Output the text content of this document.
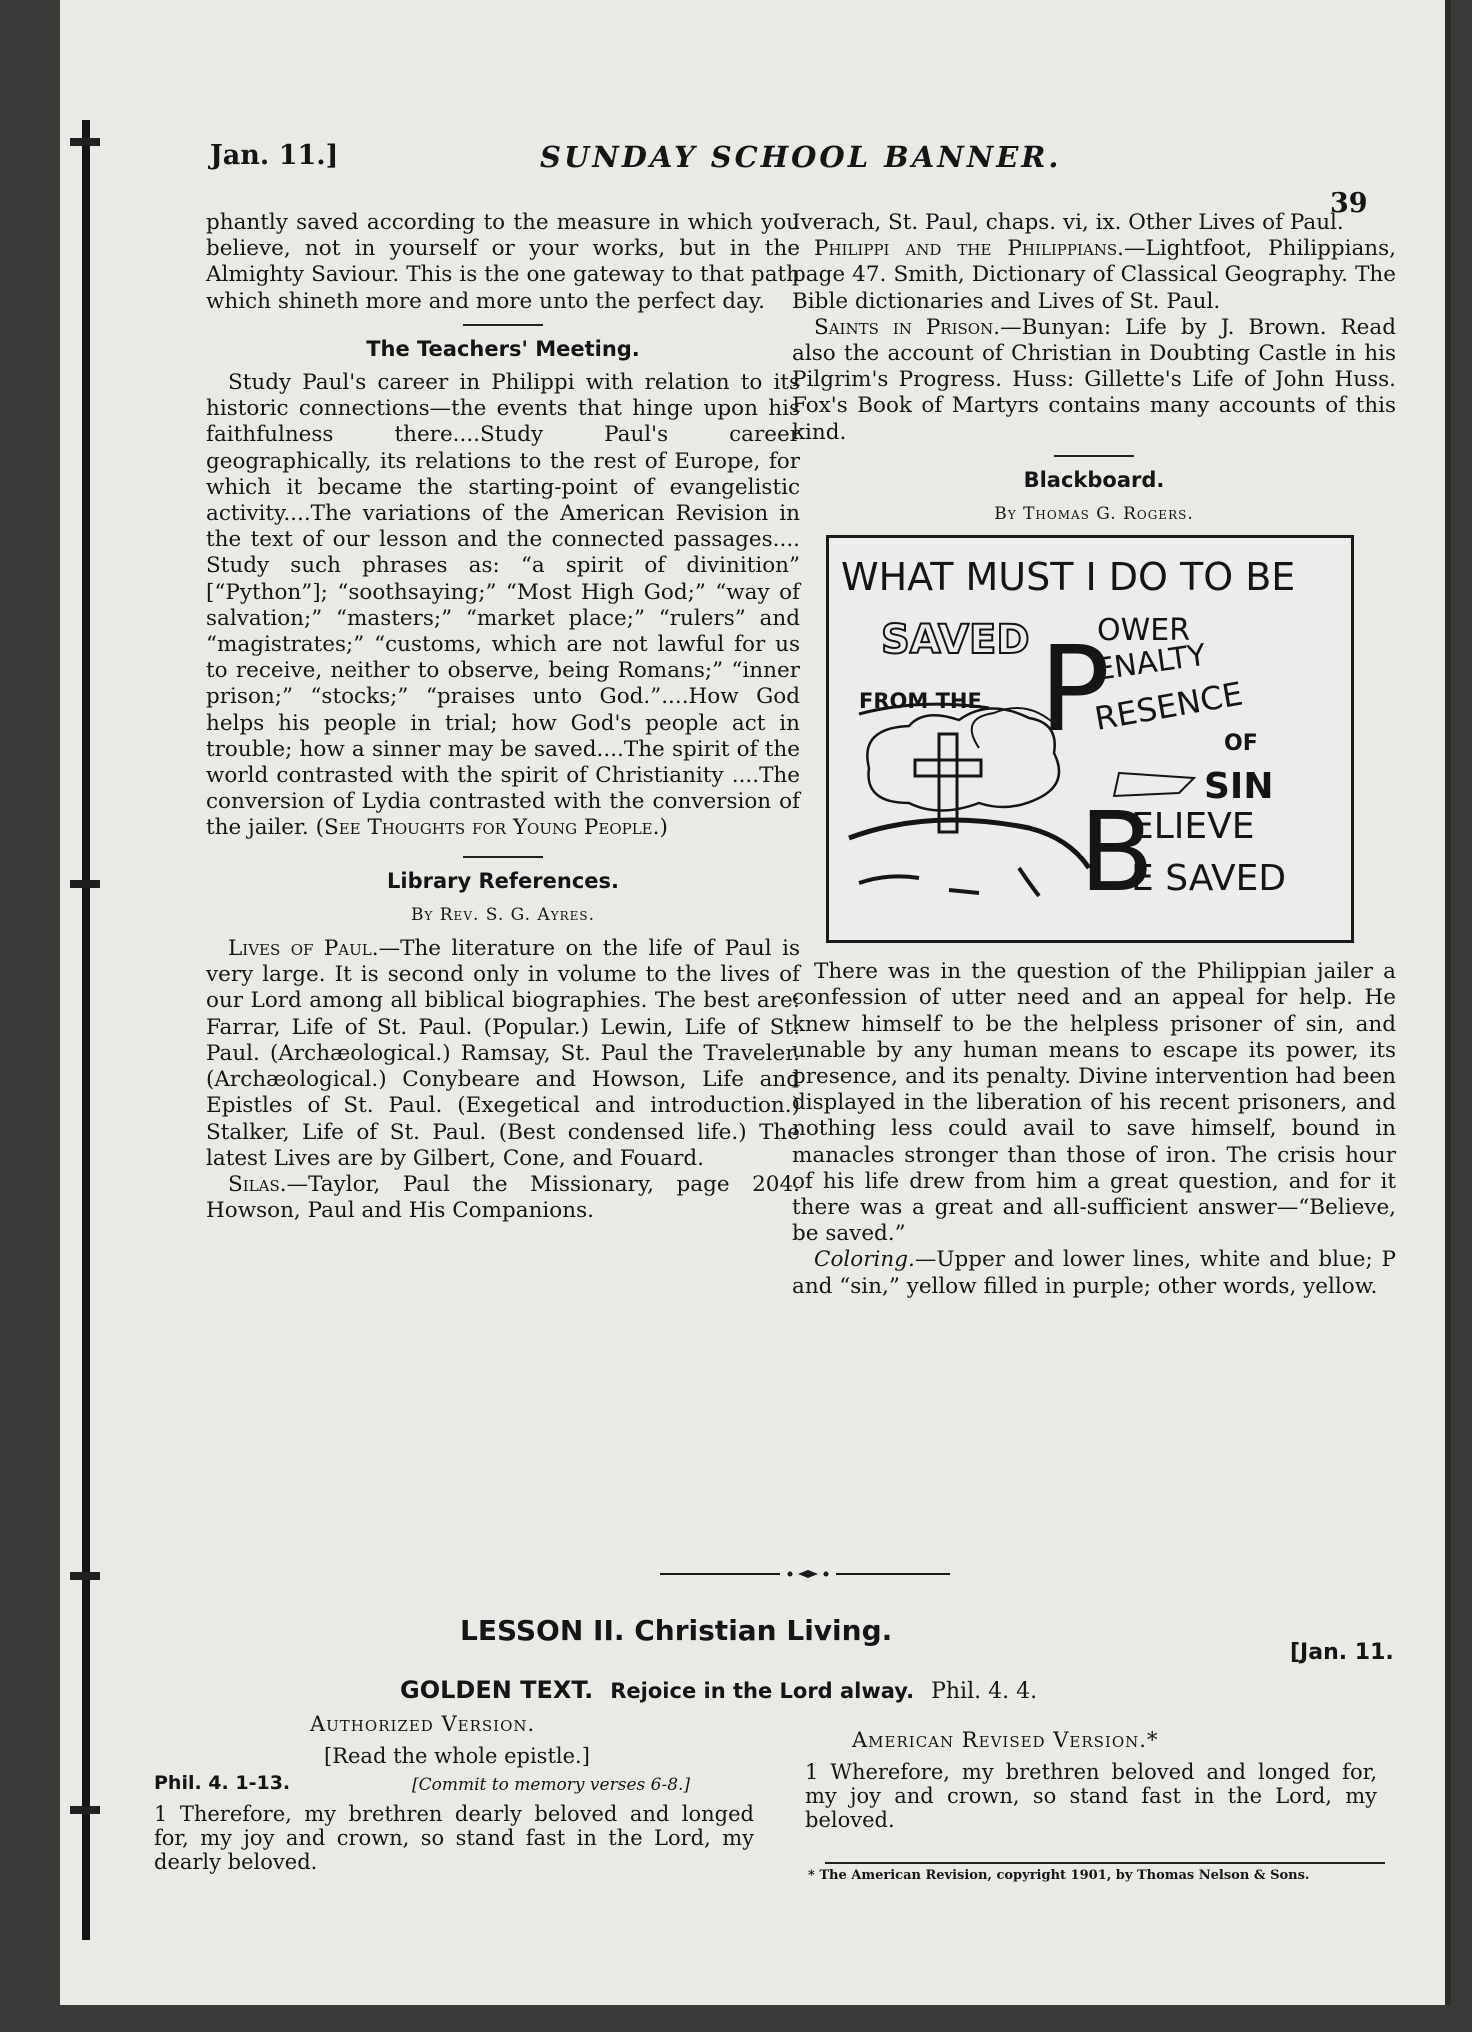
Jan. 11.]	SUNDAY SCHOOL BANNER.
39

phantly saved according to the measure in which you believe, not in yourself or your works, but in the Almighty Saviour. This is the one gateway to that path which shineth more and more unto the perfect day.

The Teachers' Meeting.

Study Paul's career in Philippi with relation to its historic connections—the events that hinge upon his faithfulness there....Study Paul's career geographically, its relations to the rest of Europe, for which it became the starting-point of evangelistic activity....The variations of the American Revision in the text of our lesson and the connected passages.... Study such phrases as: “a spirit of divinition” [“Python”]; “soothsaying;” “Most High God;” “way of salvation;” “masters;” “market place;” “rulers” and “magistrates;” “customs, which are not lawful for us to receive, neither to observe, being Romans;” “inner prison;” “stocks;” “praises unto God.”....How God helps his people in trial; how God's people act in trouble; how a sinner may be saved....The spirit of the world contrasted with the spirit of Christianity ....The conversion of Lydia contrasted with the conversion of the jailer. (See Thoughts for Young People.)

Library References.
By Rev. S. G. Ayres.

Lives of Paul.—The literature on the life of Paul is very large. It is second only in volume to the lives of our Lord among all biblical biographies. The best are: Farrar, Life of St. Paul. (Popular.) Lewin, Life of St. Paul. (Archæological.) Ramsay, St. Paul the Traveler. (Archæological.) Conybeare and Howson, Life and Epistles of St. Paul. (Exegetical and introduction.) Stalker, Life of St. Paul. (Best condensed life.) The latest Lives are by Gilbert, Cone, and Fouard.

Silas.—Taylor, Paul the Missionary, page 204. Howson, Paul and His Companions.

Iverach, St. Paul, chaps. vi, ix. Other Lives of Paul.

Philippi and the Philippians.—Lightfoot, Philippians, page 47. Smith, Dictionary of Classical Geography. The Bible dictionaries and Lives of St. Paul.

Saints in Prison.—Bunyan: Life by J. Brown. Read also the account of Christian in Doubting Castle in his Pilgrim's Progress. Huss: Gillette's Life of John Huss. Fox's Book of Martyrs contains many accounts of this kind.

Blackboard.
By Thomas G. Rogers.
WHAT MUST I DO TO BE
SAVED
FROM THE P
OWER
ENALTY
RESENCE
OF
SIN
B
ELIEVE
E SAVED

There was in the question of the Philippian jailer a confession of utter need and an appeal for help. He knew himself to be the helpless prisoner of sin, and unable by any human means to escape its power, its presence, and its penalty. Divine intervention had been displayed in the liberation of his recent prisoners, and nothing less could avail to save himself, bound in manacles stronger than those of iron. The crisis hour of his life drew from him a great question, and for it there was a great and all-sufficient answer—“Believe, be saved.”

Coloring.—Upper and lower lines, white and blue; P and “sin,” yellow filled in purple; other words, yellow.

LESSON II. Christian Living.
[Jan. 11.
GOLDEN TEXT. Rejoice in the Lord alway. Phil. 4. 4.
Authorized Version.
[Read the whole epistle.]
Phil. 4. 1-13.	[Commit to memory verses 6-8.]
1 Therefore, my brethren dearly beloved and longed for, my joy and crown, so stand fast in the Lord, my dearly beloved.
American Revised Version.*
1 Wherefore, my brethren beloved and longed for, my joy and crown, so stand fast in the Lord, my beloved.
* The American Revision, copyright 1901, by Thomas Nelson & Sons.
